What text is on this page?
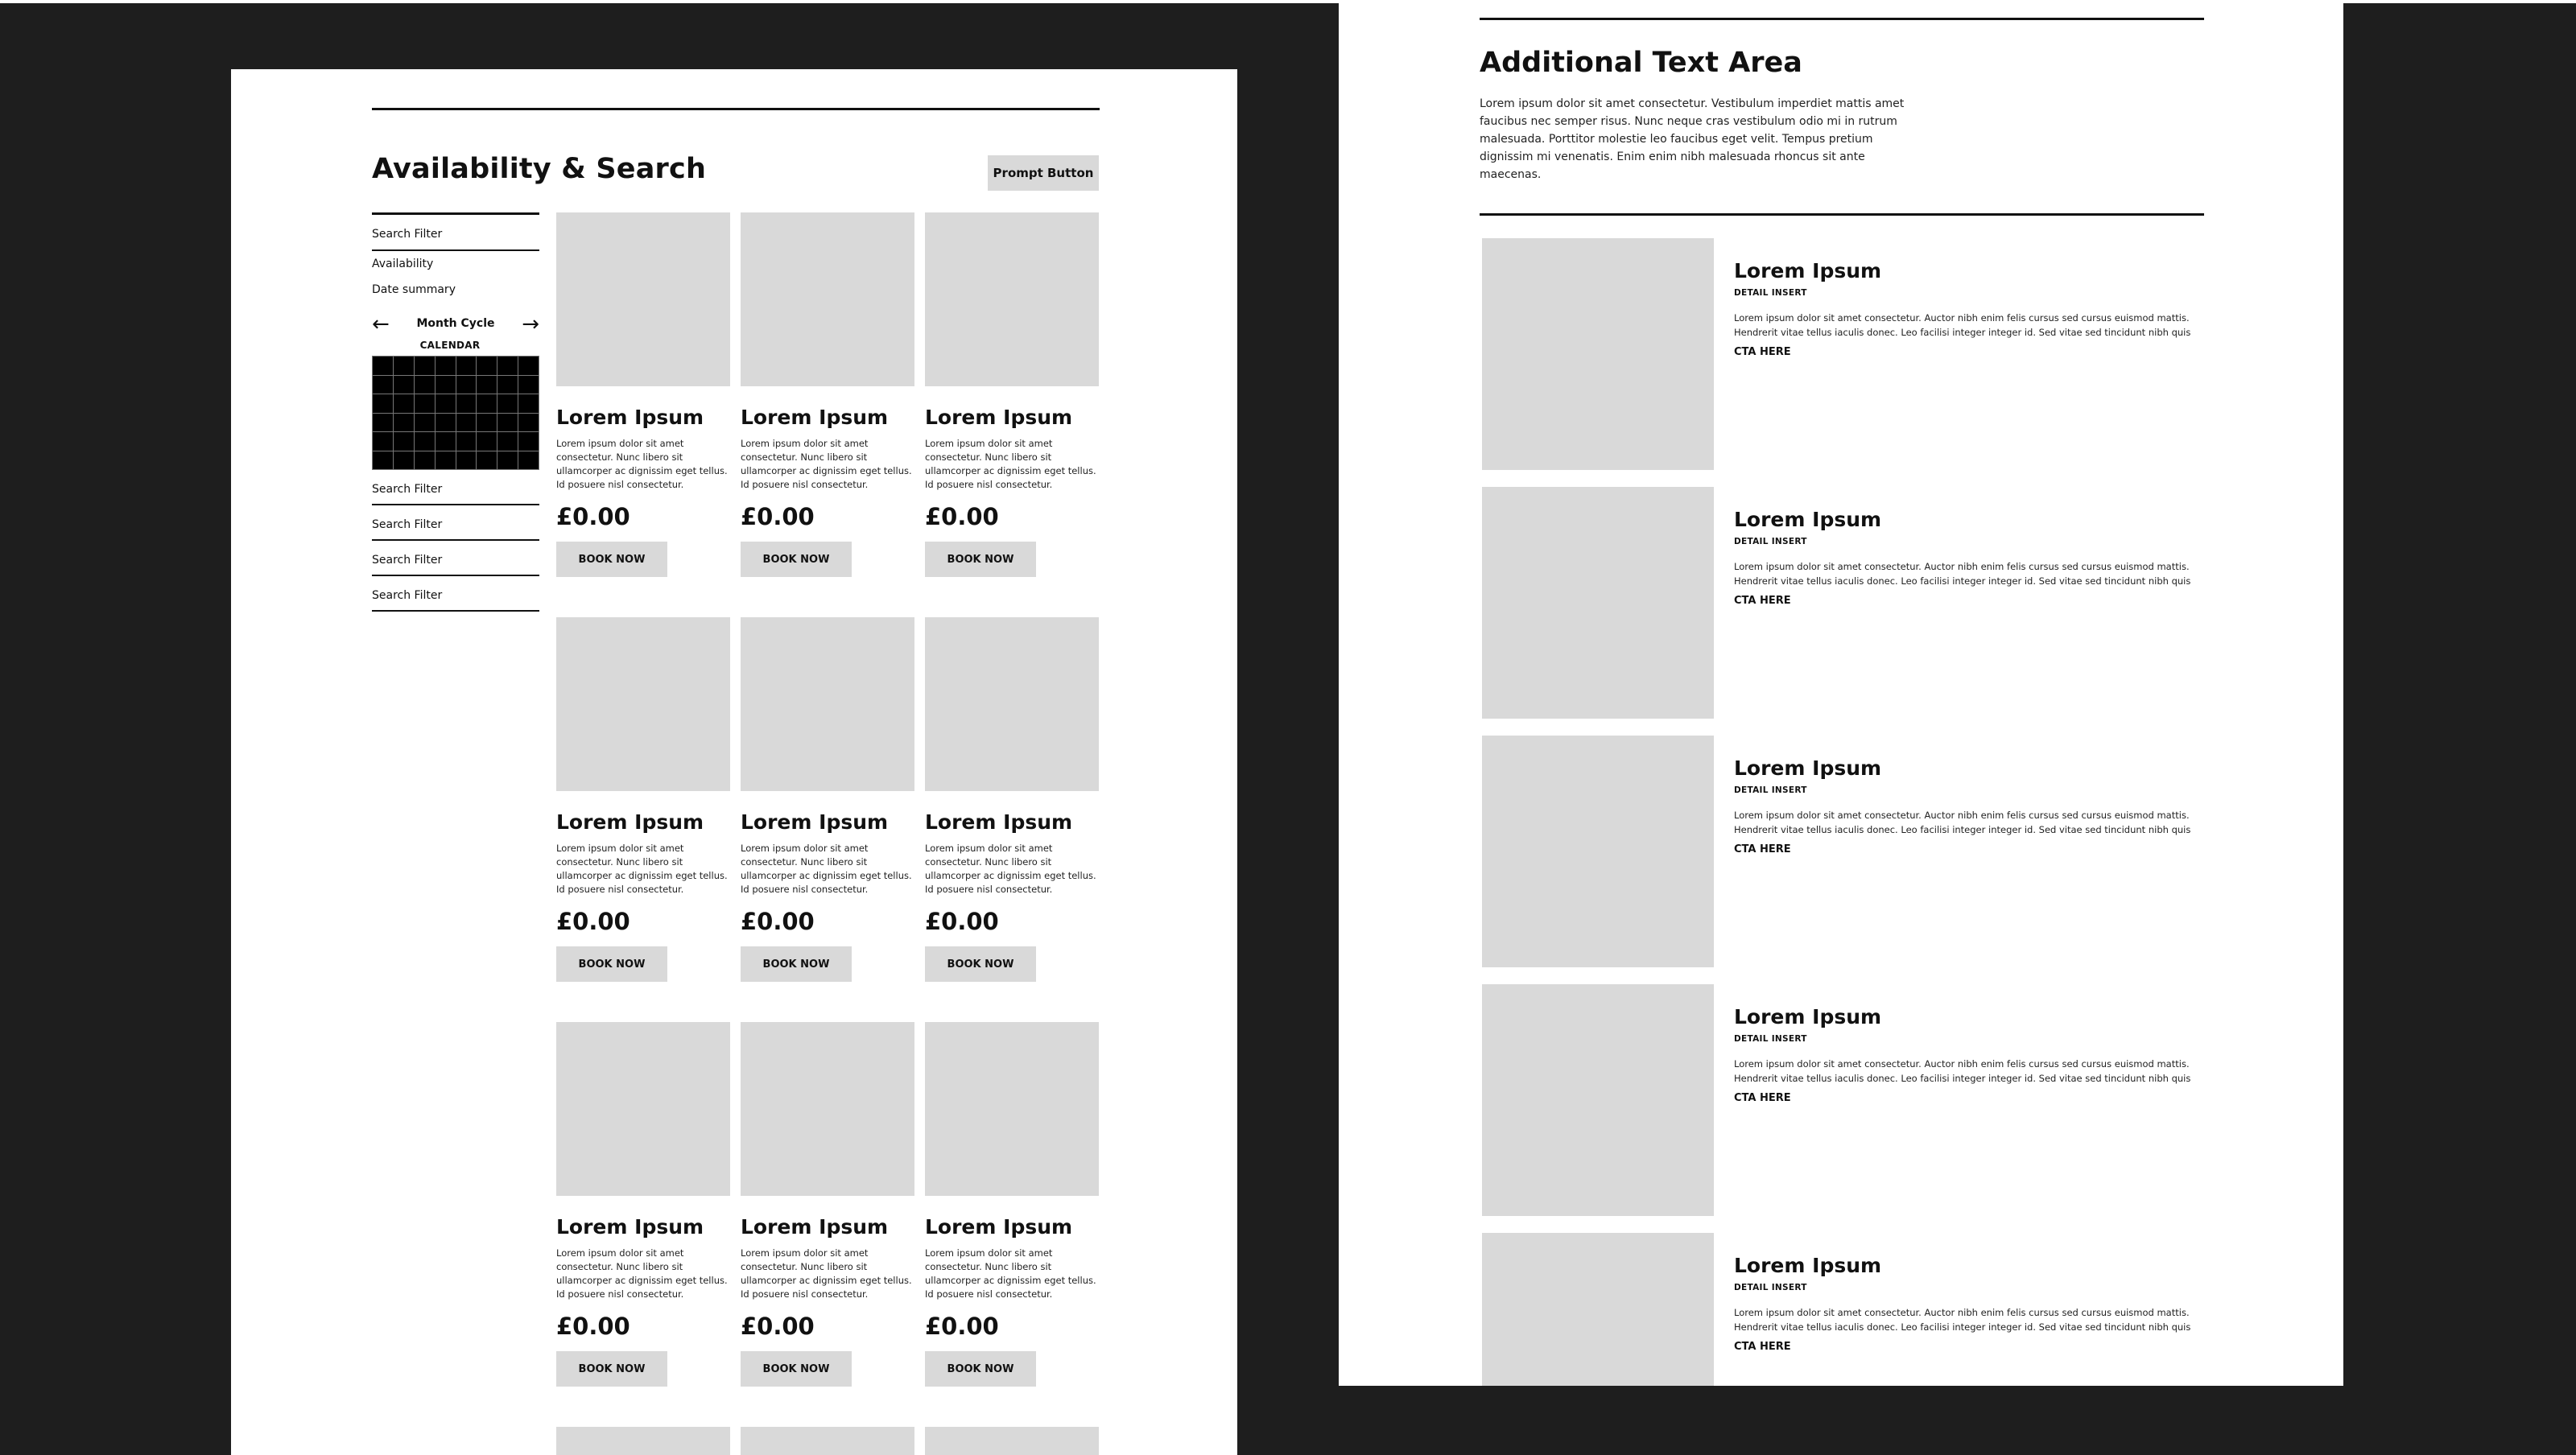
Availability & Search	Prompt Button
Search Filter
Availability
Date summary
←	Month Cycle	→
CALENDAR
Search Filter
Search Filter
Search Filter
Search Filter
Lorem Ipsum
Lorem ipsum dolor sit amet consectetur. Nunc libero sit ullamcorper ac dignissim eget tellus. Id posuere nisl consectetur.
£0.00
BOOK NOW
Lorem Ipsum
Lorem ipsum dolor sit amet consectetur. Nunc libero sit ullamcorper ac dignissim eget tellus. Id posuere nisl consectetur.
£0.00
BOOK NOW
Lorem Ipsum
Lorem ipsum dolor sit amet consectetur. Nunc libero sit ullamcorper ac dignissim eget tellus. Id posuere nisl consectetur.
£0.00
BOOK NOW
Lorem Ipsum
Lorem ipsum dolor sit amet consectetur. Nunc libero sit ullamcorper ac dignissim eget tellus. Id posuere nisl consectetur.
£0.00
BOOK NOW
Lorem Ipsum
Lorem ipsum dolor sit amet consectetur. Nunc libero sit ullamcorper ac dignissim eget tellus. Id posuere nisl consectetur.
£0.00
BOOK NOW
Lorem Ipsum
Lorem ipsum dolor sit amet consectetur. Nunc libero sit ullamcorper ac dignissim eget tellus. Id posuere nisl consectetur.
£0.00
BOOK NOW
Lorem Ipsum
Lorem ipsum dolor sit amet consectetur. Nunc libero sit ullamcorper ac dignissim eget tellus. Id posuere nisl consectetur.
£0.00
BOOK NOW
Lorem Ipsum
Lorem ipsum dolor sit amet consectetur. Nunc libero sit ullamcorper ac dignissim eget tellus. Id posuere nisl consectetur.
£0.00
BOOK NOW
Lorem Ipsum
Lorem ipsum dolor sit amet consectetur. Nunc libero sit ullamcorper ac dignissim eget tellus. Id posuere nisl consectetur.
£0.00
BOOK NOW
Additional Text Area

Lorem ipsum dolor sit amet consectetur. Vestibulum imperdiet mattis amet faucibus nec semper risus. Nunc neque cras vestibulum odio mi in rutrum malesuada. Porttitor molestie leo faucibus eget velit. Tempus pretium dignissim mi venenatis. Enim enim nibh malesuada rhoncus sit ante maecenas.

Lorem Ipsum
DETAIL INSERT
Lorem ipsum dolor sit amet consectetur. Auctor nibh enim felis cursus sed cursus euismod mattis. Hendrerit vitae tellus iaculis donec. Leo facilisi integer integer id. Sed vitae sed tincidunt nibh quis
CTA HERE
Lorem Ipsum
DETAIL INSERT
Lorem ipsum dolor sit amet consectetur. Auctor nibh enim felis cursus sed cursus euismod mattis. Hendrerit vitae tellus iaculis donec. Leo facilisi integer integer id. Sed vitae sed tincidunt nibh quis
CTA HERE
Lorem Ipsum
DETAIL INSERT
Lorem ipsum dolor sit amet consectetur. Auctor nibh enim felis cursus sed cursus euismod mattis. Hendrerit vitae tellus iaculis donec. Leo facilisi integer integer id. Sed vitae sed tincidunt nibh quis
CTA HERE
Lorem Ipsum
DETAIL INSERT
Lorem ipsum dolor sit amet consectetur. Auctor nibh enim felis cursus sed cursus euismod mattis. Hendrerit vitae tellus iaculis donec. Leo facilisi integer integer id. Sed vitae sed tincidunt nibh quis
CTA HERE
Lorem Ipsum
DETAIL INSERT
Lorem ipsum dolor sit amet consectetur. Auctor nibh enim felis cursus sed cursus euismod mattis. Hendrerit vitae tellus iaculis donec. Leo facilisi integer integer id. Sed vitae sed tincidunt nibh quis
CTA HERE
